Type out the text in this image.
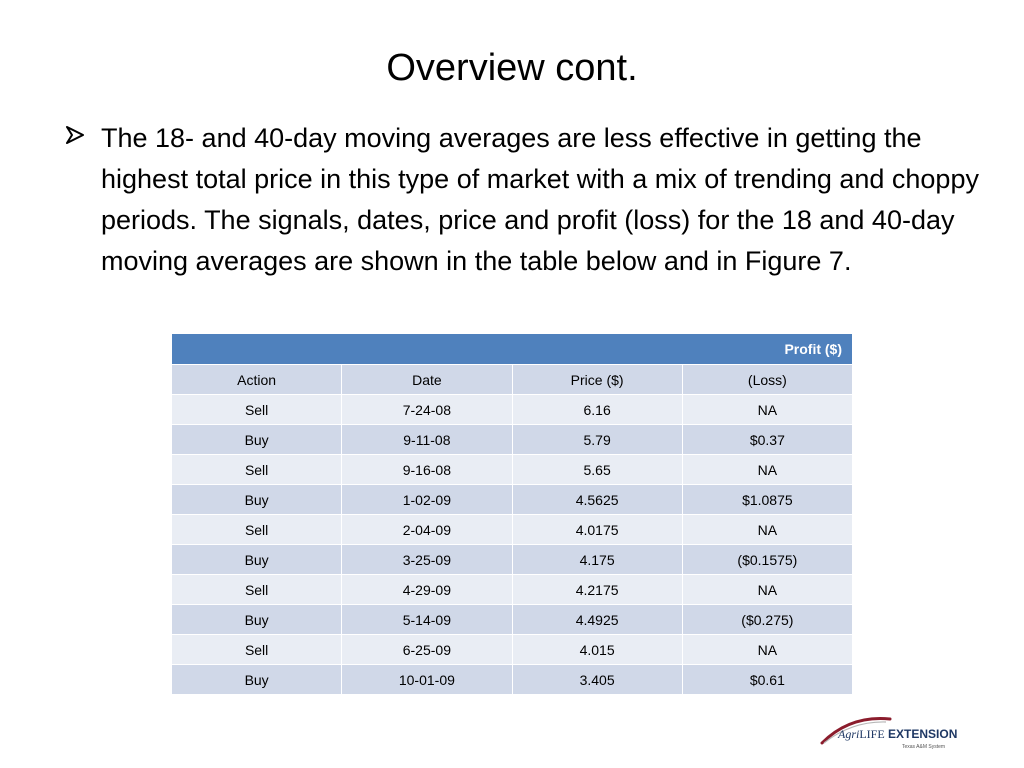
Overview cont.
The 18- and 40-day moving averages are less effective in getting the highest total price in this type of market with a mix of trending and choppy periods. The signals, dates, price and profit (loss) for the 18 and 40-day moving averages are shown in the table below and in Figure 7.
Profit ($)			
Action	Date	Price ($)	(Loss)
Sell	7-24-08	6.16	NA
Buy	9-11-08	5.79	$0.37
Sell	9-16-08	5.65	NA
Buy	1-02-09	4.5625	$1.0875
Sell	2-04-09	4.0175	NA
Buy	3-25-09	4.175	($0.1575)
Sell	4-29-09	4.2175	NA
Buy	5-14-09	4.4925	($0.275)
Sell	6-25-09	4.015	NA
Buy	10-01-09	3.405	$0.61
AgriLIFE EXTENSION
Texas A&M System
